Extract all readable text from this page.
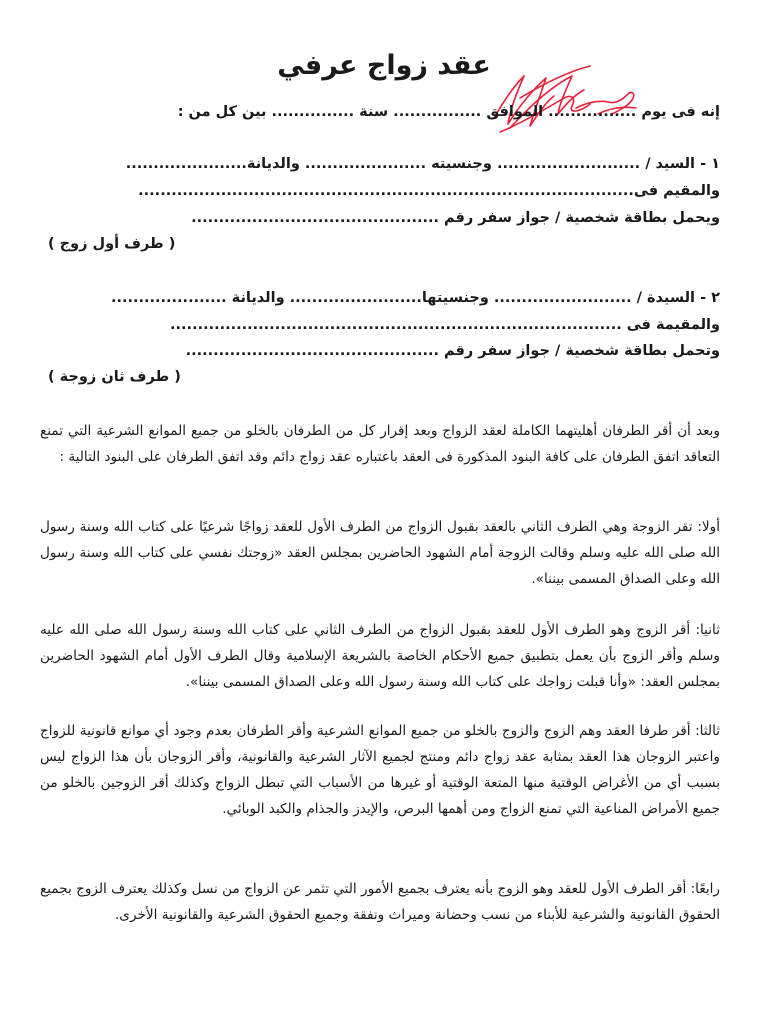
عقد زواج عرفي
إنه فى يوم ................ الموافق ................ سنة ............... بين كل من :
١ - السيد / .......................... وجنسيته ...................... والديانة......................
والمقيم فى..........................................................................................
ويحمل بطاقة شخصية / جواز سفر رقم .............................................
( طرف أول زوج )
٢ - السيدة / ......................... وجنسيتها........................ والديانة .....................
والمقيمة فى ..................................................................................
وتحمل بطاقة شخصية / جواز سفر رقم ..............................................
( طرف ثان زوجة )

وبعد أن أقر الطرفان أهليتهما الكاملة لعقد الزواج وبعد إقرار كل من الطرفان بالخلو من جميع الموانع الشرعية التي تمنع التعاقد اتفق الطرفان على كافة البنود المذكورة فى العقد باعتباره عقد زواج دائم وقد اتفق الطرفان على البنود التالية :

أولا: تقر الزوجة وهي الطرف الثاني بالعقد بقبول الزواج من الطرف الأول للعقد زواجًا شرعيًا على كتاب الله وسنة رسول الله صلى الله عليه وسلم وقالت الزوجة أمام الشهود الحاضرين بمجلس العقد «زوجتك نفسي على كتاب الله وسنة رسول الله وعلى الصداق المسمى بيننا».

ثانيا: أقر الزوج وهو الطرف الأول للعقد بقبول الزواج من الطرف الثاني على كتاب الله وسنة رسول الله صلى الله عليه وسلم وأقر الزوج بأن يعمل بتطبيق جميع الأحكام الخاصة بالشريعة الإسلامية وقال الطرف الأول أمام الشهود الحاضرين بمجلس العقد: «وأنا قبلت زواجك على كتاب الله وسنة رسول الله وعلى الصداق المسمى بيننا».

ثالثا: أقر طرفا العقد وهم الزوج والزوج بالخلو من جميع الموانع الشرعية وأقر الطرفان بعدم وجود أي موانع قانونية للزواج واعتبر الزوجان هذا العقد بمثابة عقد زواج دائم ومنتج لجميع الآثار الشرعية والقانونية، وأقر الزوجان بأن هذا الزواج ليس بسبب أي من الأغراض الوقتية منها المتعة الوقتية أو غيرها من الأسباب التي تبطل الزواج وكذلك أقر الزوجين بالخلو من جميع الأمراض المناعية التي تمنع الزواج ومن أهمها البرص، والإيدز والجذام والكبد الوبائي.

رابعًا: أقر الطرف الأول للعقد وهو الزوج بأنه يعترف بجميع الأمور التي تثمر عن الزواج من نسل وكذلك يعترف الزوج بجميع الحقوق القانونية والشرعية للأبناء من نسب وحضانة وميراث ونفقة وجميع الحقوق الشرعية والقانونية الأخرى.
